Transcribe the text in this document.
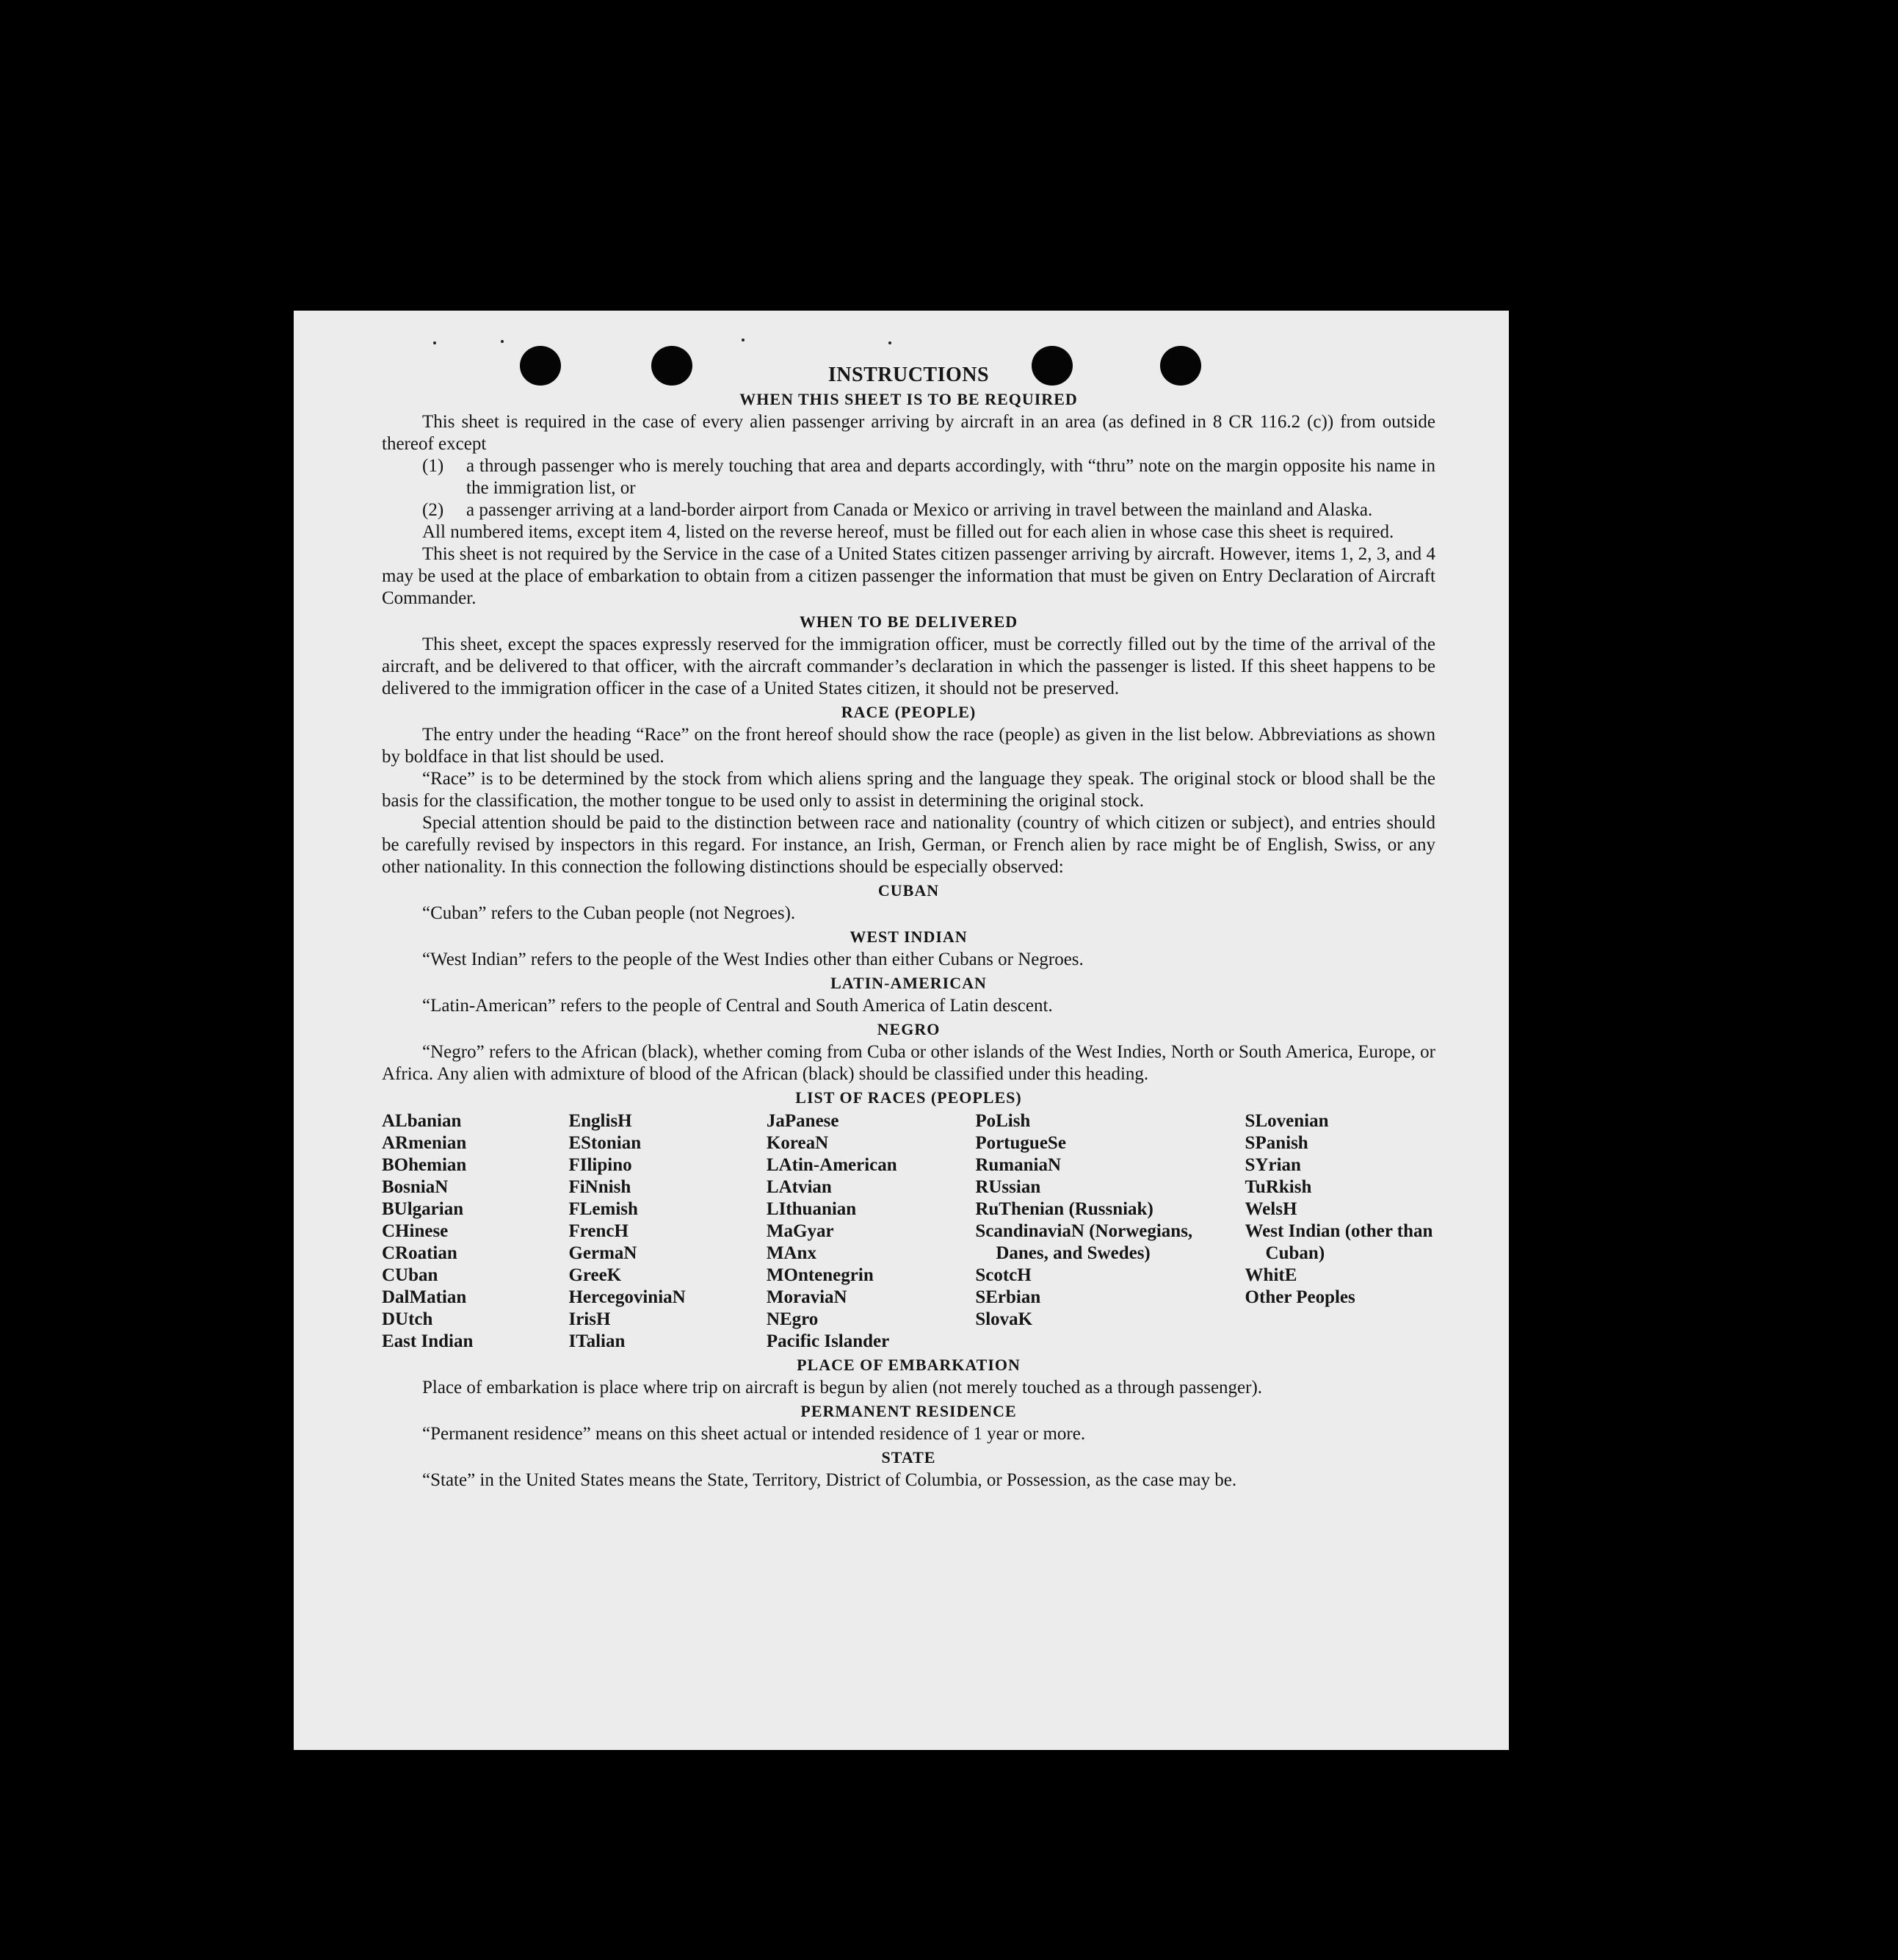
INSTRUCTIONS
WHEN THIS SHEET IS TO BE REQUIRED

This sheet is required in the case of every alien passenger arriving by aircraft in an area (as defined in 8 CR 116.2 (c)) from outside thereof except

(1) a through passenger who is merely touching that area and departs accordingly, with “thru” note on the margin opposite his name in the immigration list, or

(2) a passenger arriving at a land-border airport from Canada or Mexico or arriving in travel between the mainland and Alaska.

All numbered items, except item 4, listed on the reverse hereof, must be filled out for each alien in whose case this sheet is required.

This sheet is not required by the Service in the case of a United States citizen passenger arriving by aircraft. However, items 1, 2, 3, and 4 may be used at the place of embarkation to obtain from a citizen passenger the information that must be given on Entry Declaration of Aircraft Commander.

WHEN TO BE DELIVERED

This sheet, except the spaces expressly reserved for the immigration officer, must be correctly filled out by the time of the arrival of the aircraft, and be delivered to that officer, with the aircraft commander’s declaration in which the passenger is listed. If this sheet happens to be delivered to the immigration officer in the case of a United States citizen, it should not be preserved.

RACE (PEOPLE)

The entry under the heading “Race” on the front hereof should show the race (people) as given in the list below. Abbreviations as shown by boldface in that list should be used.

“Race” is to be determined by the stock from which aliens spring and the language they speak. The original stock or blood shall be the basis for the classification, the mother tongue to be used only to assist in determining the original stock.

Special attention should be paid to the distinction between race and nationality (country of which citizen or subject), and entries should be carefully revised by inspectors in this regard. For instance, an Irish, German, or French alien by race might be of English, Swiss, or any other nationality. In this connection the following distinctions should be especially observed:

CUBAN

“Cuban” refers to the Cuban people (not Negroes).

WEST INDIAN

“West Indian” refers to the people of the West Indies other than either Cubans or Negroes.

LATIN-AMERICAN

“Latin-American” refers to the people of Central and South America of Latin descent.

NEGRO

“Negro” refers to the African (black), whether coming from Cuba or other islands of the West Indies, North or South America, Europe, or Africa. Any alien with admixture of blood of the African (black) should be classified under this heading.

LIST OF RACES (PEOPLES)
ALbanian
ARmenian
BOhemian
BosniaN
BUlgarian
CHinese
CRoatian
CUban
DalMatian
DUtch
East Indian
EnglisH
EStonian
FIlipino
FiNnish
FLemish
FrencH
GermaN
GreeK
HercegoviniaN
IrisH
ITalian
JaPanese
KoreaN
LAtin-American
LAtvian
LIthuanian
MaGyar
MAnx
MOntenegrin
MoraviaN
NEgro
Pacific Islander
PoLish
PortugueSe
RumaniaN
RUssian
RuThenian (Russniak)
ScandinaviaN (Norwegians, Danes, and Swedes)
ScotcH
SErbian
SlovaK
SLovenian
SPanish
SYrian
TuRkish
WelsH
West Indian (other than Cuban)
WhitE
Other Peoples
PLACE OF EMBARKATION

Place of embarkation is place where trip on aircraft is begun by alien (not merely touched as a through passenger).

PERMANENT RESIDENCE

“Permanent residence” means on this sheet actual or intended residence of 1 year or more.

STATE

“State” in the United States means the State, Territory, District of Columbia, or Possession, as the case may be.
